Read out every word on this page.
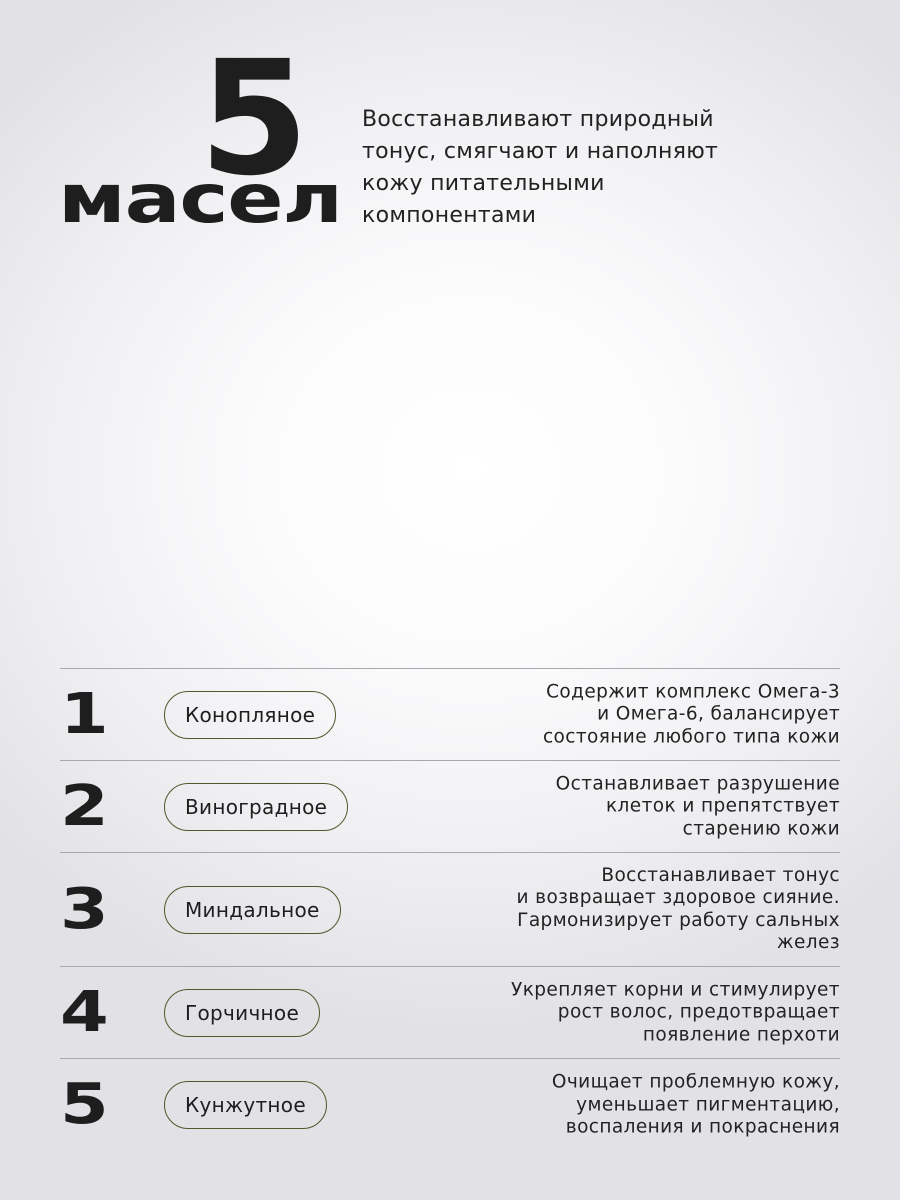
5
масел

Восстанавливают природный
тонус, смягчают и наполняют
кожу питательными
компонентами

1	Конопляное

Содержит комплекс Омега-3
и Омега-6, балансирует
состояние любого типа кожи

2	Виноградное

Останавливает разрушение
клеток и препятствует
старению кожи

3	Миндальное

Восстанавливает тонус
и возвращает здоровое сияние.
Гармонизирует работу сальных
желез

4	Горчичное

Укрепляет корни и стимулирует
рост волос, предотвращает
появление перхоти

5	Кунжутное

Очищает проблемную кожу,
уменьшает пигментацию,
воспаления и покраснения
